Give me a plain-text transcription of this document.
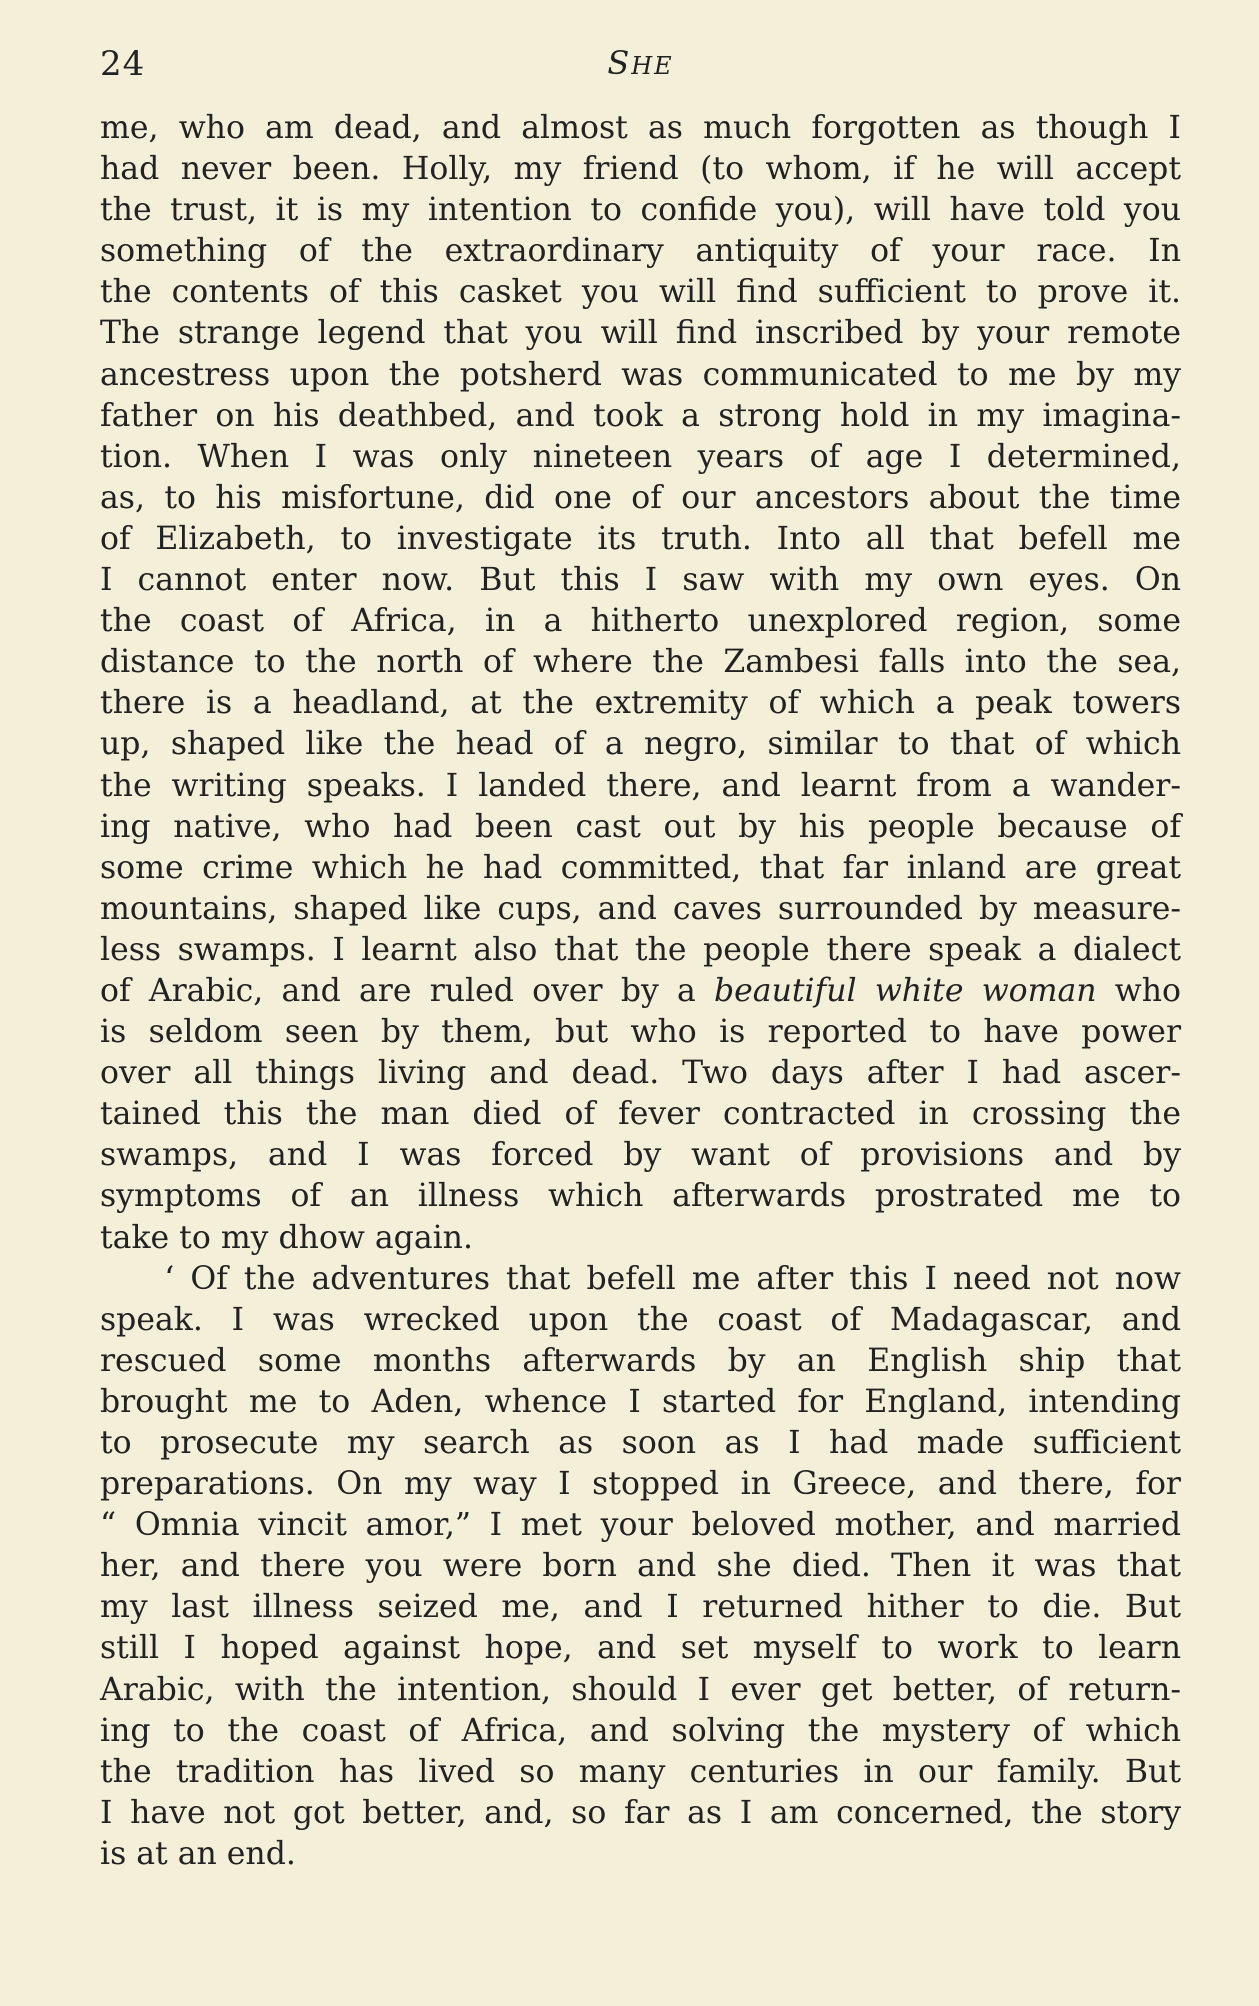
24	SHE
me, who am dead, and almost as much forgotten as though I
had never been. Holly, my friend (to whom, if he will accept
the trust, it is my intention to confide you), will have told you
something of the extraordinary antiquity of your race. In
the contents of this casket you will find sufficient to prove it.
The strange legend that you will find inscribed by your remote
ancestress upon the potsherd was communicated to me by my
father on his deathbed, and took a strong hold in my imagina-
tion. When I was only nineteen years of age I determined,
as, to his misfortune, did one of our ancestors about the time
of Elizabeth, to investigate its truth. Into all that befell me
I cannot enter now. But this I saw with my own eyes. On
the coast of Africa, in a hitherto unexplored region, some
distance to the north of where the Zambesi falls into the sea,
there is a headland, at the extremity of which a peak towers
up, shaped like the head of a negro, similar to that of which
the writing speaks. I landed there, and learnt from a wander-
ing native, who had been cast out by his people because of
some crime which he had committed, that far inland are great
mountains, shaped like cups, and caves surrounded by measure-
less swamps. I learnt also that the people there speak a dialect
of Arabic, and are ruled over by a beautiful white woman who
is seldom seen by them, but who is reported to have power
over all things living and dead. Two days after I had ascer-
tained this the man died of fever contracted in crossing the
swamps, and I was forced by want of provisions and by
symptoms of an illness which afterwards prostrated me to
take to my dhow again.
‘ Of the adventures that befell me after this I need not now
speak. I was wrecked upon the coast of Madagascar, and
rescued some months afterwards by an English ship that
brought me to Aden, whence I started for England, intending
to prosecute my search as soon as I had made sufficient
preparations. On my way I stopped in Greece, and there, for
“ Omnia vincit amor,” I met your beloved mother, and married
her, and there you were born and she died. Then it was that
my last illness seized me, and I returned hither to die. But
still I hoped against hope, and set myself to work to learn
Arabic, with the intention, should I ever get better, of return-
ing to the coast of Africa, and solving the mystery of which
the tradition has lived so many centuries in our family. But
I have not got better, and, so far as I am concerned, the story
is at an end.
